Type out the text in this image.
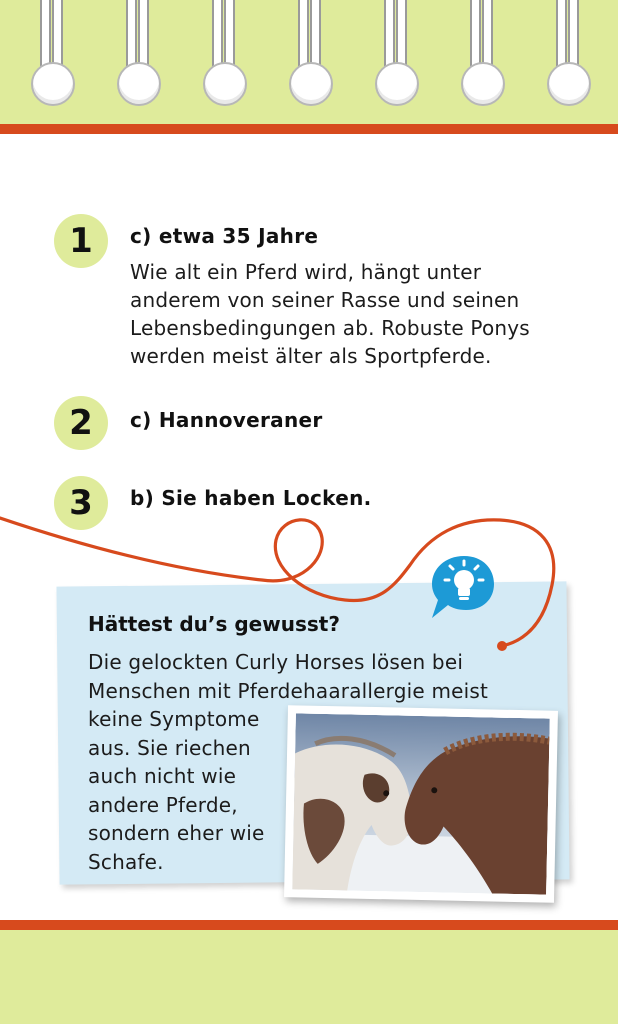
1	c) etwa 35 Jahre
Wie alt ein Pferd wird, hängt unter
anderem von seiner Rasse und seinen
Lebensbedingungen ab. Robuste Ponys
werden meist älter als Sportpferde.
2	c) Hannoveraner
3	b) Sie haben Locken.
Hättest du’s gewusst?
Die gelockten Curly Horses lösen bei
Menschen mit Pferdehaarallergie meist
keine Symptome
aus. Sie riechen
auch nicht wie
andere Pferde,
sondern eher wie
Schafe.
